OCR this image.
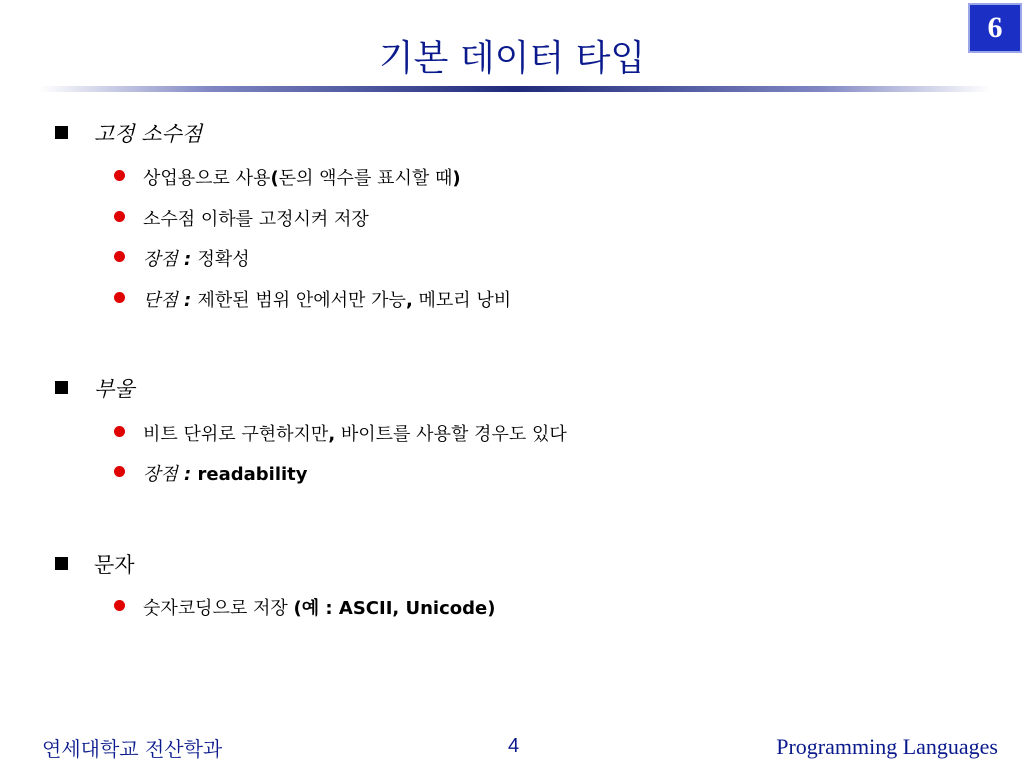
기본 데이터 타입
6
고정 소수점
상업용으로 사용(돈의 액수를 표시할 때)
소수점 이하를 고정시켜 저장
장점 : 정확성
단점 : 제한된 범위 안에서만 가능, 메모리 낭비
부울
비트 단위로 구현하지만, 바이트를 사용할 경우도 있다
장점 : readability
문자
숫자코딩으로 저장 (예 : ASCII, Unicode)
연세대학교 전산학과	4	Programming Languages
